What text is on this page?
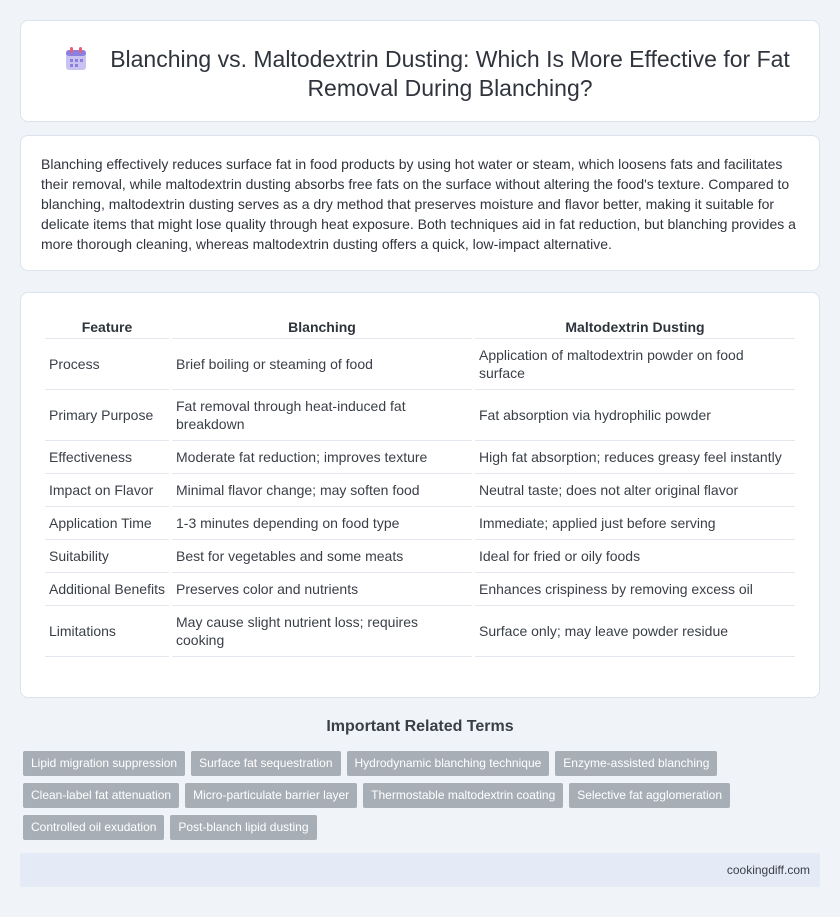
Blanching vs. Maltodextrin Dusting: Which Is More Effective for Fat Removal During Blanching?

Blanching effectively reduces surface fat in food products by using hot water or steam, which loosens fats and facilitates their removal, while maltodextrin dusting absorbs free fats on the surface without altering the food's texture. Compared to blanching, maltodextrin dusting serves as a dry method that preserves moisture and flavor better, making it suitable for delicate items that might lose quality through heat exposure. Both techniques aid in fat reduction, but blanching provides a more thorough cleaning, whereas maltodextrin dusting offers a quick, low-impact alternative.

Feature	Blanching	Maltodextrin Dusting
Process	Brief boiling or steaming of food	Application of maltodextrin powder on food surface
Primary Purpose	Fat removal through heat-induced fat breakdown	Fat absorption via hydrophilic powder
Effectiveness	Moderate fat reduction; improves texture	High fat absorption; reduces greasy feel instantly
Impact on Flavor	Minimal flavor change; may soften food	Neutral taste; does not alter original flavor
Application Time	1-3 minutes depending on food type	Immediate; applied just before serving
Suitability	Best for vegetables and some meats	Ideal for fried or oily foods
Additional Benefits	Preserves color and nutrients	Enhances crispiness by removing excess oil
Limitations	May cause slight nutrient loss; requires cooking	Surface only; may leave powder residue
Important Related Terms
Lipid migration suppression	Surface fat sequestration	Hydrodynamic blanching technique	Enzyme-assisted blanching
Clean-label fat attenuation	Micro-particulate barrier layer	Thermostable maltodextrin coating	Selective fat agglomeration
Controlled oil exudation	Post-blanch lipid dusting
cookingdiff.com
